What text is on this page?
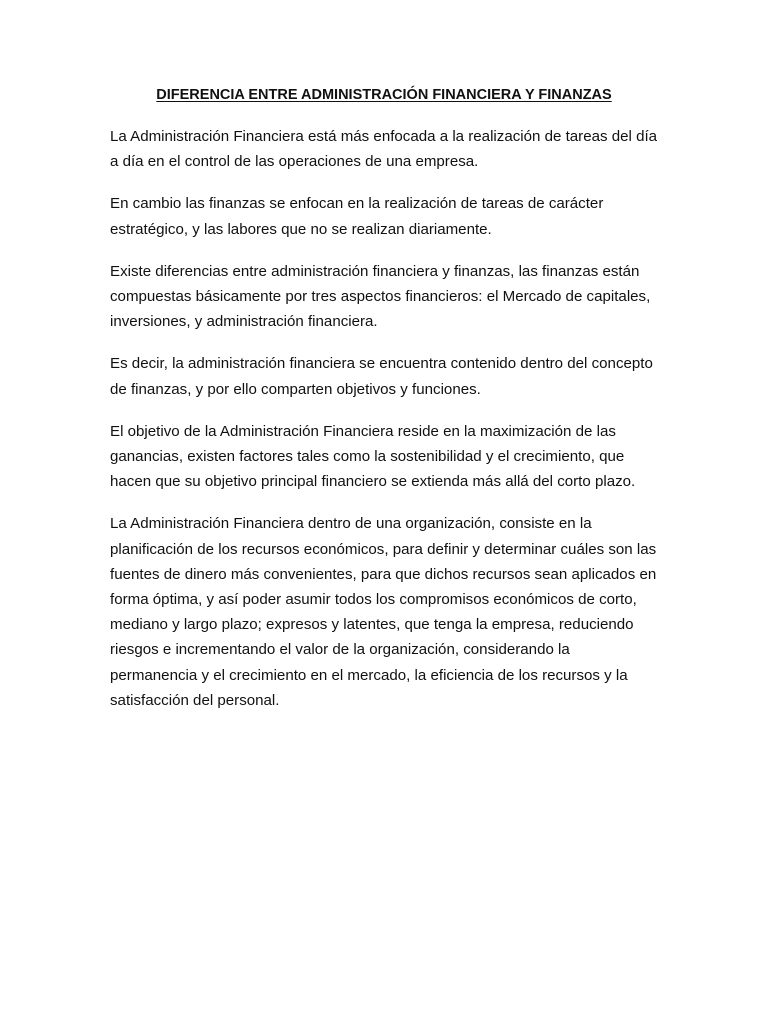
DIFERENCIA ENTRE ADMINISTRACIÓN FINANCIERA Y FINANZAS

La Administración Financiera está más enfocada a la realización de tareas del día a día en el control de las operaciones de una empresa.

En cambio las finanzas se enfocan en la realización de tareas de carácter estratégico, y las labores que no se realizan diariamente.

Existe diferencias entre administración financiera y finanzas, las finanzas están compuestas básicamente por tres aspectos financieros: el Mercado de capitales, inversiones, y administración financiera.

Es decir, la administración financiera se encuentra contenido dentro del concepto de finanzas, y por ello comparten objetivos y funciones.

El objetivo de la Administración Financiera reside en la maximización de las ganancias, existen factores tales como la sostenibilidad y el crecimiento, que hacen que su objetivo principal financiero se extienda más allá del corto plazo.

La Administración Financiera dentro de una organización, consiste en la planificación de los recursos económicos, para definir y determinar cuáles son las fuentes de dinero más convenientes, para que dichos recursos sean aplicados en forma óptima, y así poder asumir todos los compromisos económicos de corto, mediano y largo plazo; expresos y latentes, que tenga la empresa, reduciendo riesgos e incrementando el valor de la organización, considerando la permanencia y el crecimiento en el mercado, la eficiencia de los recursos y la satisfacción del personal.
